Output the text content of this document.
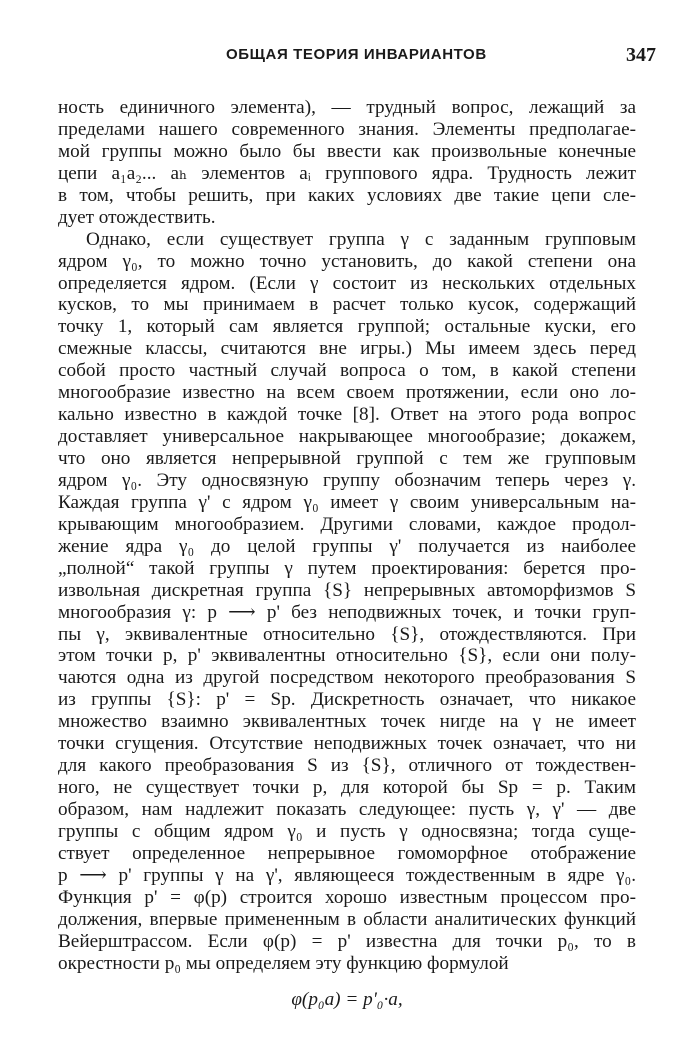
ОБЩАЯ ТЕОРИЯ ИНВАРИАНТОВ	347
ность единичного элемента), — трудный вопрос, лежащий за
пределами нашего современного знания. Элементы предполагае-
мой группы можно было бы ввести как произвольные конечные
цепи a₁a₂... aₕ элементов aᵢ группового ядра. Трудность лежит
в том, чтобы решить, при каких условиях две такие цепи сле-
дует отождествить.
Однако, если существует группа γ с заданным групповым
ядром γ₀, то можно точно установить, до какой степени она
определяется ядром. (Если γ состоит из нескольких отдельных
кусков, то мы принимаем в расчет только кусок, содержащий
точку 1, который сам является группой; остальные куски, его
смежные классы, считаются вне игры.) Мы имеем здесь перед
собой просто частный случай вопроса о том, в какой степени
многообразие известно на всем своем протяжении, если оно ло-
кально известно в каждой точке [8]. Ответ на этого рода вопрос
доставляет универсальное накрывающее многообразие; докажем,
что оно является непрерывной группой с тем же групповым
ядром γ₀. Эту односвязную группу обозначим теперь через γ.
Каждая группа γ' с ядром γ₀ имеет γ своим универсальным на-
крывающим многообразием. Другими словами, каждое продол-
жение ядра γ₀ до целой группы γ' получается из наиболее
„полной“ такой группы γ путем проектирования: берется про-
извольная дискретная группа {S} непрерывных автоморфизмов S
многообразия γ: p ⟶ p' без неподвижных точек, и точки груп-
пы γ, эквивалентные относительно {S}, отождествляются. При
этом точки p, p' эквивалентны относительно {S}, если они полу-
чаются одна из другой посредством некоторого преобразования S
из группы {S}: p' = Sp. Дискретность означает, что никакое
множество взаимно эквивалентных точек нигде на γ не имеет
точки сгущения. Отсутствие неподвижных точек означает, что ни
для какого преобразования S из {S}, отличного от тождествен-
ного, не существует точки p, для которой бы Sp = p. Таким
образом, нам надлежит показать следующее: пусть γ, γ' — две
группы с общим ядром γ₀ и пусть γ односвязна; тогда суще-
ствует определенное непрерывное гомоморфное отображение
p ⟶ p' группы γ на γ', являющееся тождественным в ядре γ₀.
Функция p' = φ(p) строится хорошо известным процессом про-
должения, впервые примененным в области аналитических функций
Вейерштрассом. Если φ(p) = p' известна для точки p₀, то в
окрестности p₀ мы определяем эту функцию формулой
φ(p₀a) = p'₀·a,
